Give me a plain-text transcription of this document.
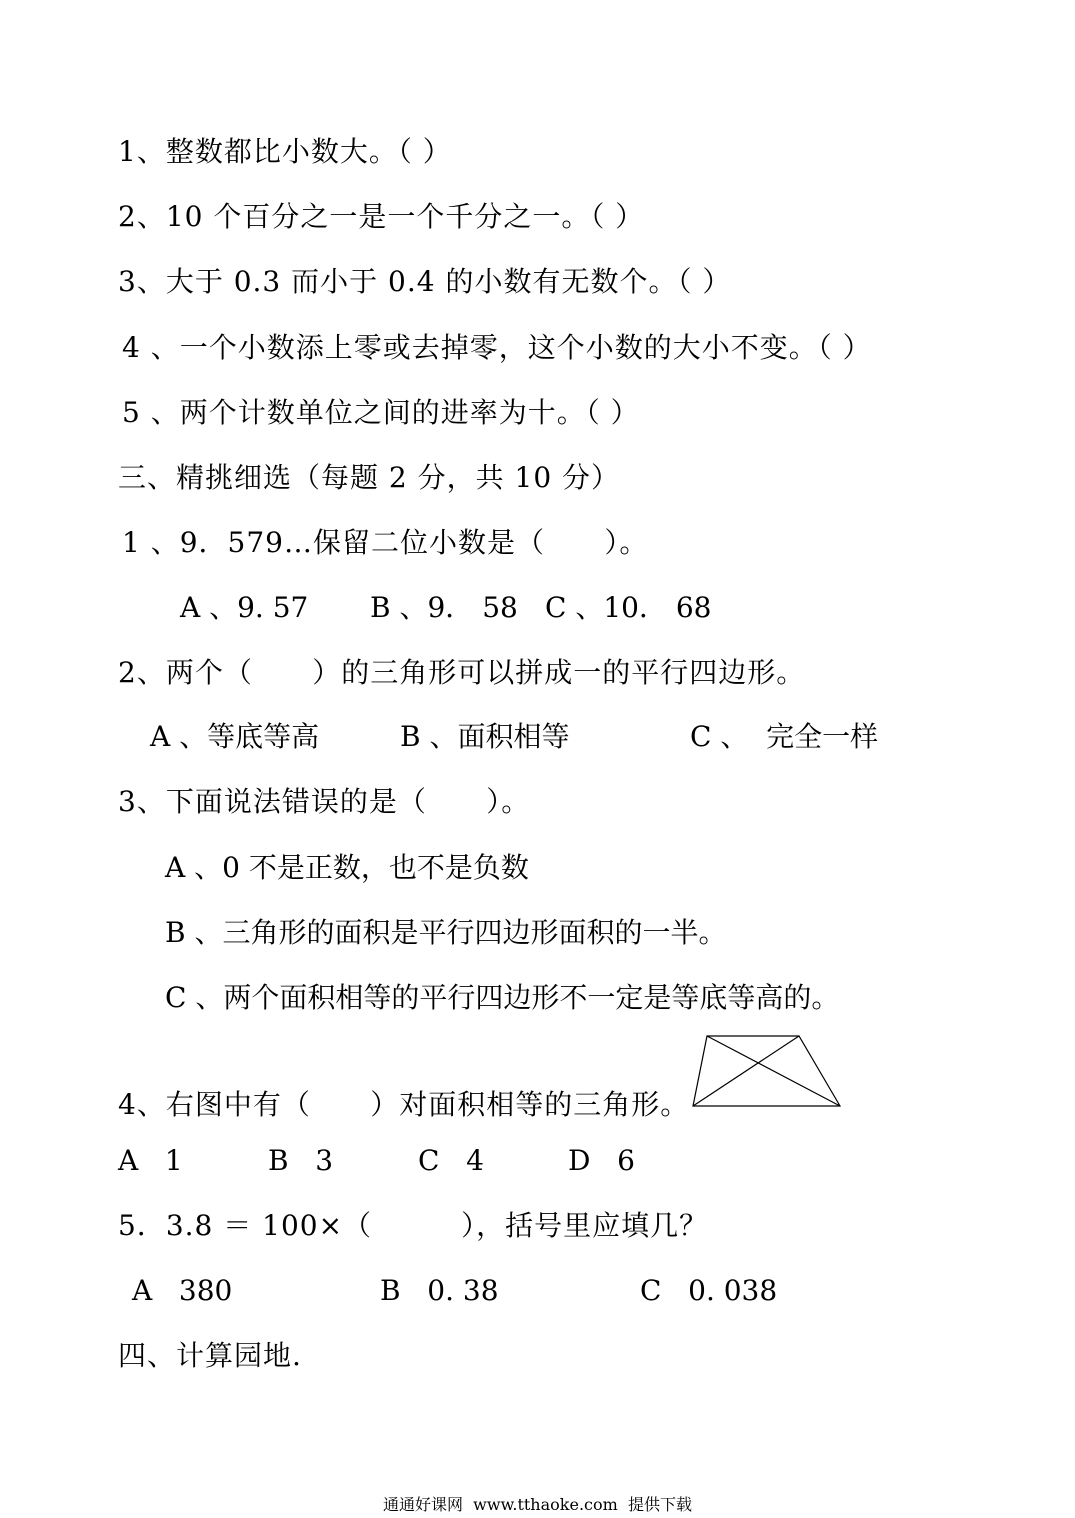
1、整数都比小数大。（ ）
2、10 个百分之一是一个千分之一。（ ）
3、大于 0.3 而小于 0.4 的小数有无数个。（ ）
4 、一个小数添上零或去掉零，这个小数的大小不变。（ ）
5 、两个计数单位之间的进率为十。（ ）
三、精挑细选（每题 2 分，共 10 分）
1 、9．579…保留二位小数是（      ）。
A 、9. 57 B 、9． 58 C 、10． 68
2、两个（      ）的三角形可以拼成一的平行四边形。
A 、等底等高	B 、面积相等	C 、  完全一样
3、下面说法错误的是（      ）。
A 、0 不是正数，也不是负数
B 、三角形的面积是平行四边形面积的一半。
C 、两个面积相等的平行四边形不一定是等底等高的。
4、右图中有（      ）对面积相等的三角形。
A   1	B   3	C   4	D   6
5．3.8 ＝ 100×（         ），括号里应填几？
A   380	B   0. 38	C   0. 038
四、计算园地.
通通好课网  www.tthaoke.com  提供下载
